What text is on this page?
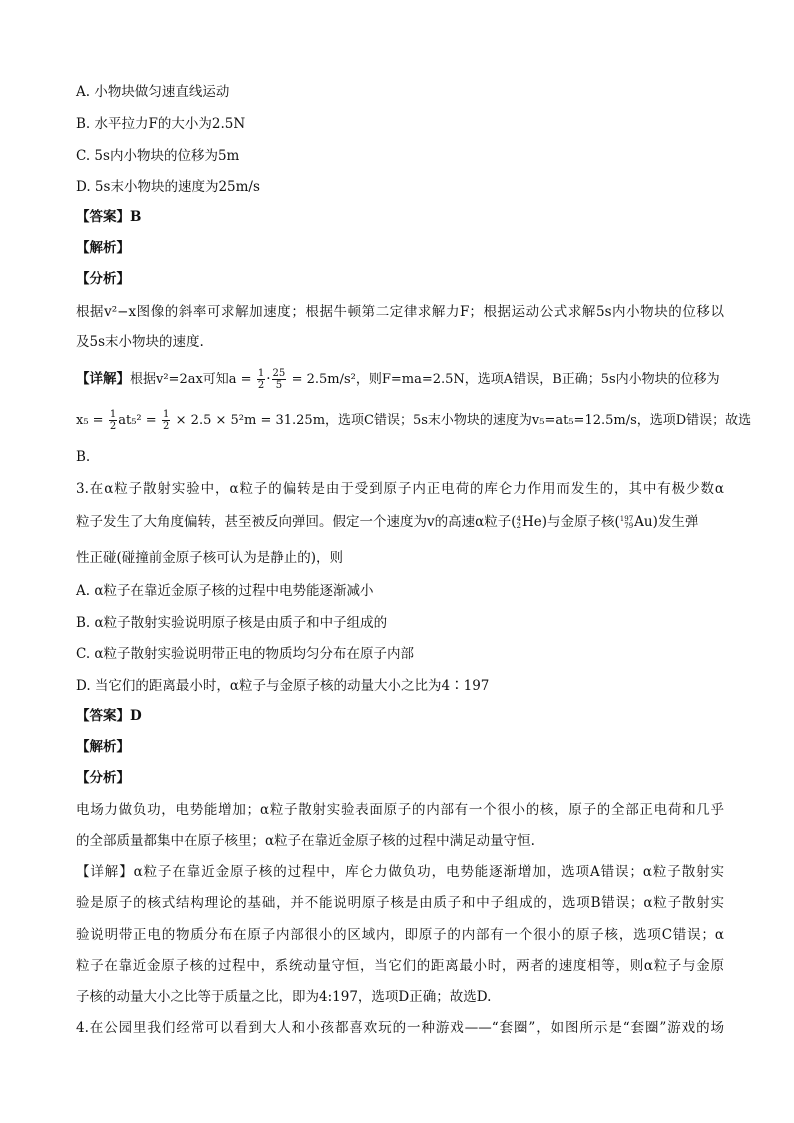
A. 小物块做匀速直线运动
B. 水平拉力F的大小为2.5N
C. 5s内小物块的位移为5m
D. 5s末小物块的速度为25m/s
【答案】B
【解析】
【分析】
根据v²−x图像的斜率可求解加速度；根据牛顿第二定律求解力F；根据运动公式求解5s内小物块的位移以
及5s末小物块的速度.
【详解】根据v²=2ax可知$a = \frac{1}{2} \cdot \frac{25}{5} = 2.5m/s^2$，则F=ma=2.5N，选项A错误，B正确；5s内小物块的位移为
$x_5 = \frac{1}{2} at_5^2 = \frac{1}{2} \times 2.5 \times 5^2m = 31.25m$，选项C错误；5s末小物块的速度为v₅=at₅=12.5m/s，选项D错误；故选
B.
3.在α粒子散射实验中，α粒子的偏转是由于受到原子内正电荷的库仑力作用而发生的，其中有极少数α
粒子发生了大角度偏转，甚至被反向弹回。假定一个速度为v的高速α粒子( 4
2 He)与金原子核( 197
79 Au)发生弹
性正碰(碰撞前金原子核可认为是静止的)，则
A. α粒子在靠近金原子核的过程中电势能逐渐减小
B. α粒子散射实验说明原子核是由质子和中子组成的
C. α粒子散射实验说明带正电的物质均匀分布在原子内部
D. 当它们的距离最小时，α粒子与金原子核的动量大小之比为4∶197
【答案】D
【解析】
【分析】
电场力做负功，电势能增加；α粒子散射实验表面原子的内部有一个很小的核，原子的全部正电荷和几乎
的全部质量都集中在原子核里；α粒子在靠近金原子核的过程中满足动量守恒.
【详解】α粒子在靠近金原子核的过程中，库仑力做负功，电势能逐渐增加，选项A错误；α粒子散射实
验是原子的核式结构理论的基础，并不能说明原子核是由质子和中子组成的，选项B错误；α粒子散射实
验说明带正电的物质分布在原子内部很小的区域内，即原子的内部有一个很小的原子核，选项C错误；α
粒子在靠近金原子核的过程中，系统动量守恒，当它们的距离最小时，两者的速度相等，则α粒子与金原
子核的动量大小之比等于质量之比，即为4:197，选项D正确；故选D.
4.在公园里我们经常可以看到大人和小孩都喜欢玩的一种游戏——“套圈”，如图所示是“套圈”游戏的场
